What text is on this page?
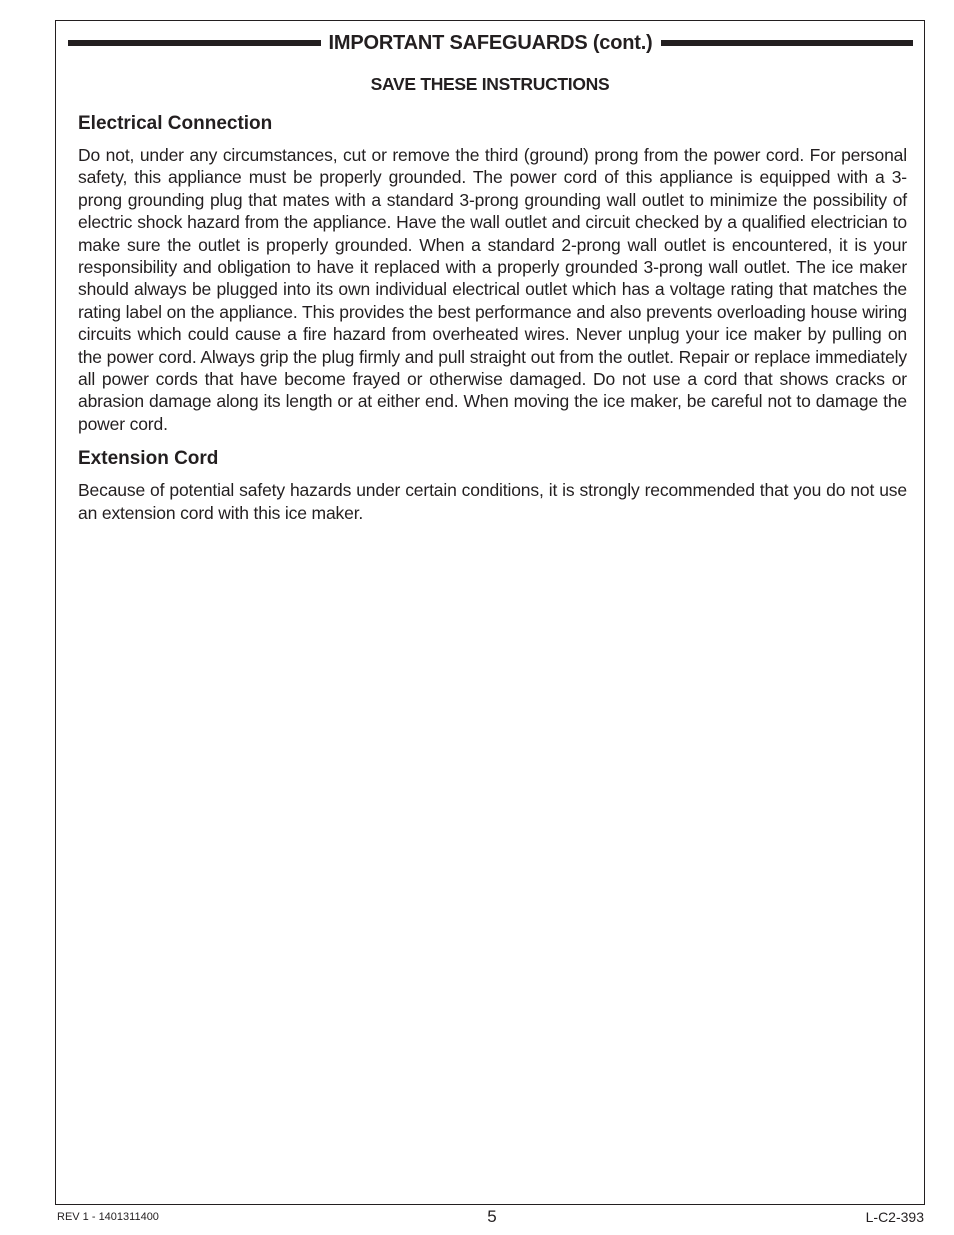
IMPORTANT SAFEGUARDS (cont.)
SAVE THESE INSTRUCTIONS
Electrical Connection

Do not, under any circumstances, cut or remove the third (ground) prong from the power cord. For personal safety, this appliance must be properly grounded. The power cord of this appliance is equipped with a 3-prong grounding plug that mates with a standard 3-prong grounding wall outlet to minimize the possibility of electric shock hazard from the appliance. Have the wall outlet and circuit checked by a qualified electrician to make sure the outlet is properly grounded. When a standard 2-prong wall outlet is encountered, it is your responsibility and obligation to have it replaced with a properly grounded 3-prong wall outlet. The ice maker should always be plugged into its own individual electrical outlet which has a voltage rating that matches the rating label on the appliance. This provides the best performance and also prevents overloading house wiring circuits which could cause a fire hazard from overheated wires. Never unplug your ice maker by pulling on the power cord. Always grip the plug firmly and pull straight out from the outlet. Repair or replace immediately all power cords that have become frayed or otherwise damaged. Do not use a cord that shows cracks or abrasion damage along its length or at either end. When moving the ice maker, be careful not to damage the power cord.

Extension Cord

Because of potential safety hazards under certain conditions, it is strongly recommended that you do not use an extension cord with this ice maker.

REV 1 - 1401311400	5	L-C2-393
